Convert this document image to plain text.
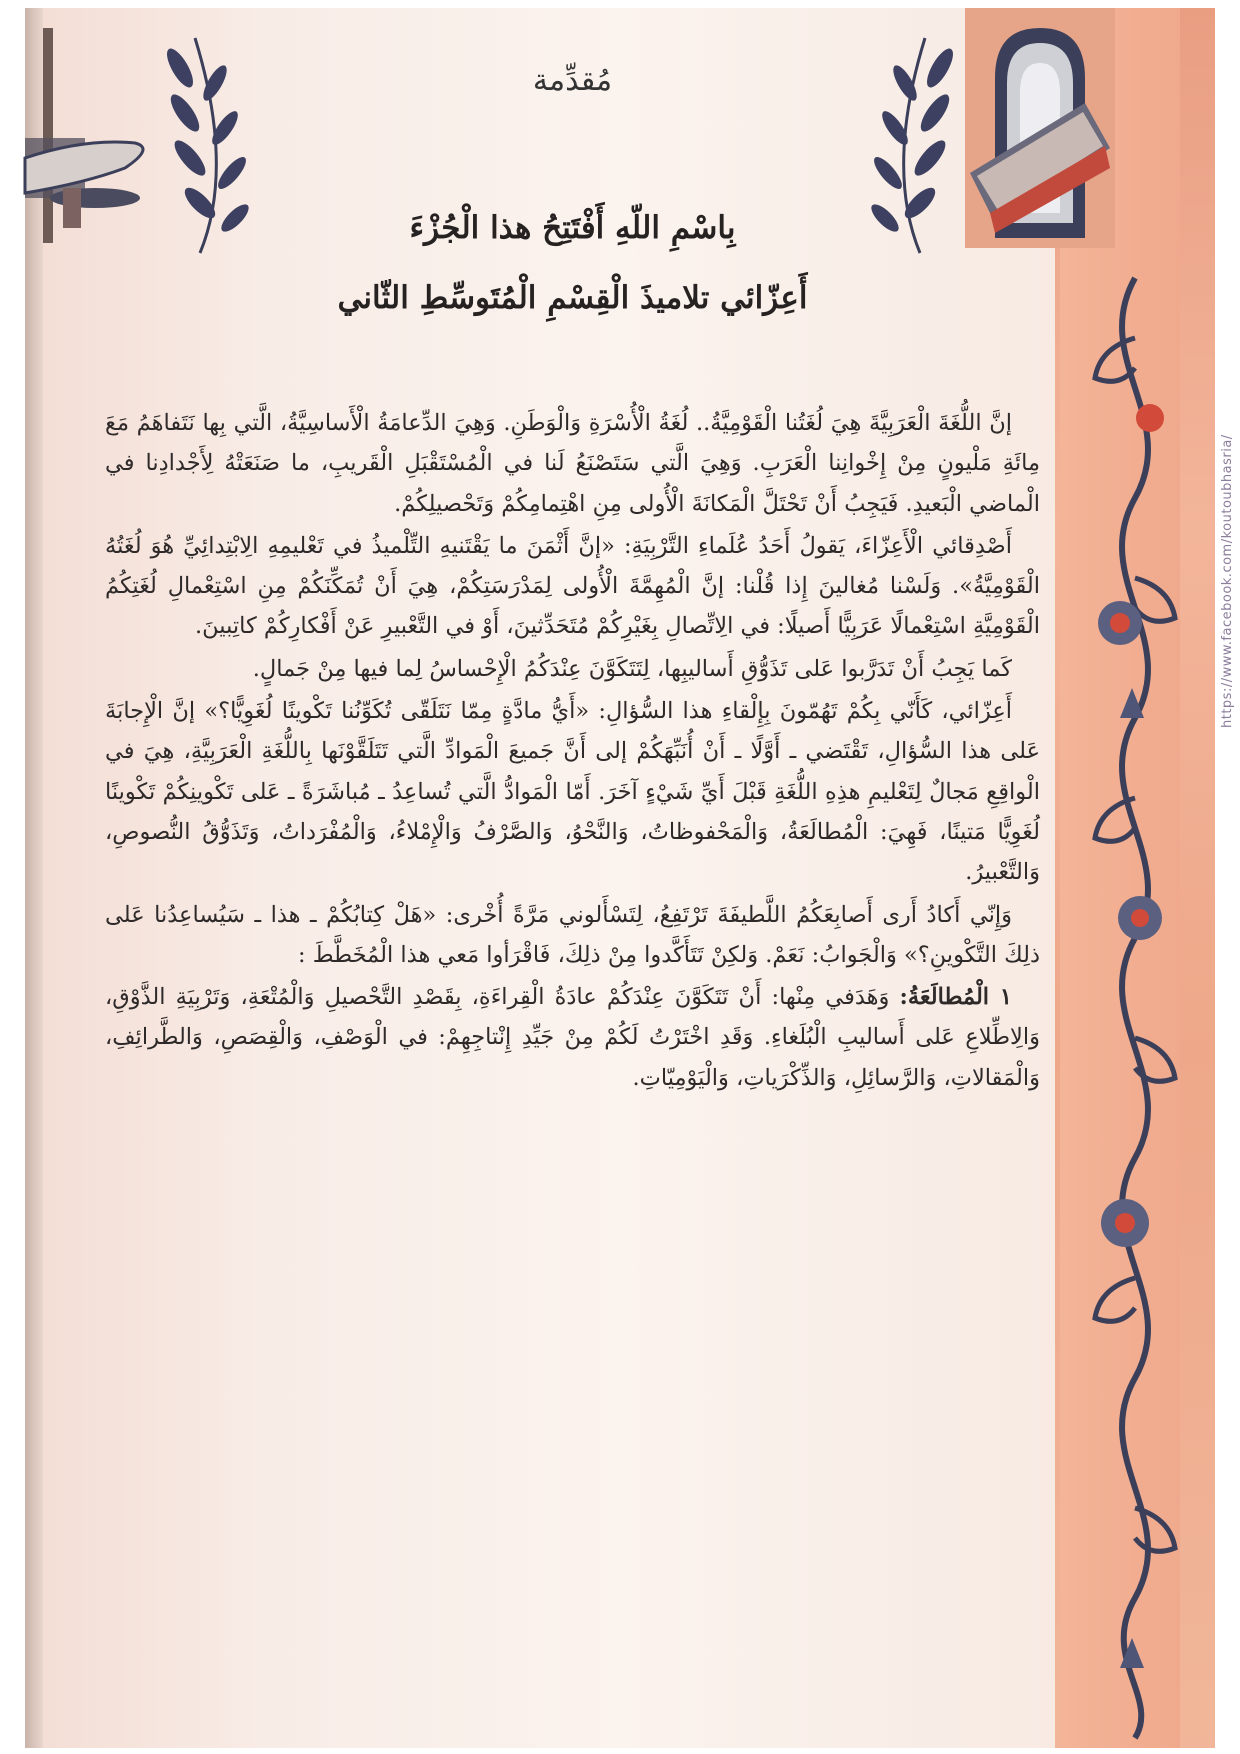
https://www.facebook.com/koutoubhasria/
مُقدِّمة

بِاسْمِ اللّهِ أَفْتَتِحُ هذا الْجُزْءَ

أَعِزّائي تلاميذَ الْقِسْمِ الْمُتَوسِّطِ الثّاني

إنَّ اللُّغَةَ الْعَرَبِيَّةَ هِيَ لُغَتُنا الْقَوْمِيَّةُ.. لُغَةُ الْأُسْرَةِ وَالْوَطَنِ. وَهِيَ الدِّعامَةُ الْأَساسِيَّةُ، الَّتي بِها نَتَفاهَمُ مَعَ مِائَةِ مَلْيونٍ مِنْ إِخْوانِنا الْعَرَبِ. وَهِيَ الَّتي سَتَصْنَعُ لَنا في الْمُسْتَقْبَلِ الْقَريبِ، ما صَنَعَتْهُ لِأَجْدادِنا في الْماضي الْبَعيدِ. فَيَجِبُ أَنْ تَحْتَلَّ الْمَكانَةَ الْأُولى مِنِ اهْتِمامِكُمْ وَتَحْصيلِكُمْ.

أَصْدِقائي الْأَعِزّاءَ، يَقولُ أَحَدُ عُلَماءِ التَّرْبِيَةِ: «إنَّ أَثْمَنَ ما يَقْتَنيهِ التِّلْميذُ في تَعْليمِهِ الِابْتِدائِيِّ هُوَ لُغَتُهُ الْقَوْمِيَّةُ». وَلَسْنا مُغالينَ إِذا قُلْنا: إنَّ الْمُهِمَّةَ الْأُولى لِمَدْرَسَتِكُمْ، هِيَ أَنْ تُمَكِّنَكُمْ مِنِ اسْتِعْمالِ لُغَتِكُمُ الْقَوْمِيَّةِ اسْتِعْمالًا عَرَبِيًّا أَصيلًا: في الِاتِّصالِ بِغَيْرِكُمْ مُتَحَدِّثينَ، أَوْ في التَّعْبيرِ عَنْ أَفْكارِكُمْ كاتِبينَ.

كَما يَجِبُ أَنْ تَدَرَّبوا عَلى تَذَوُّقِ أَساليبِها، لِتَتَكَوَّنَ عِنْدَكُمُ الْإِحْساسُ لِما فيها مِنْ جَمالٍ.

أَعِزّائي، كَأَنّي بِكُمْ تَهُمّونَ بِإِلْقاءِ هذا السُّؤالِ: «أَيُّ مادَّةٍ مِمّا نَتَلَقّى تُكَوِّنُنا تَكْوينًا لُغَوِيًّا؟» إنَّ الْإِجابَةَ عَلى هذا السُّؤالِ، تَقْتَضي ـ أَوَّلًا ـ أَنْ أُنَبِّهَكُمْ إلى أَنَّ جَميعَ الْمَوادِّ الَّتي تَتَلَقَّوْنَها بِاللُّغَةِ الْعَرَبِيَّةِ، هِيَ في الْواقِعِ مَجالٌ لِتَعْليمِ هذِهِ اللُّغَةِ قَبْلَ أَيِّ شَيْءٍ آخَرَ. أَمّا الْمَوادُّ الَّتي تُساعِدُ ـ مُباشَرَةً ـ عَلى تَكْوينِكُمْ تَكْوينًا لُغَوِيًّا مَتينًا، فَهِيَ: الْمُطالَعَةُ، وَالْمَحْفوظاتُ، وَالنَّحْوُ، وَالصَّرْفُ وَالْإِمْلاءُ، وَالْمُفْرَداتُ، وَتَذَوُّقُ النُّصوصِ، وَالتَّعْبيرُ.

وَإِنّي أَكادُ أَرى أَصابِعَكُمُ اللَّطيفَةَ تَرْتَفِعُ، لِتَسْأَلوني مَرَّةً أُخْرى: «هَلْ كِتابُكُمْ ـ هذا ـ سَيُساعِدُنا عَلى ذلِكَ التَّكْوينِ؟» وَالْجَوابُ: نَعَمْ. وَلكِنْ تَتَأَكَّدوا مِنْ ذلِكَ، فَاقْرَأوا مَعي هذا الْمُخَطَّطَ :

١ الْمُطالَعَةُ: وَهَدَفي مِنْها: أَنْ تَتَكَوَّنَ عِنْدَكُمْ عادَةُ الْقِراءَةِ، بِقَصْدِ التَّحْصيلِ وَالْمُتْعَةِ، وَتَرْبِيَةِ الذَّوْقِ، وَالِاطِّلاعِ عَلى أَساليبِ الْبُلَغاءِ. وَقَدِ اخْتَرْتُ لَكُمْ مِنْ جَيِّدِ إِنْتاجِهِمْ: في الْوَصْفِ، وَالْقِصَصِ، وَالطَّرائِفِ، وَالْمَقالاتِ، وَالرَّسائِلِ، وَالذِّكْرَياتِ، وَالْيَوْمِيّاتِ.
